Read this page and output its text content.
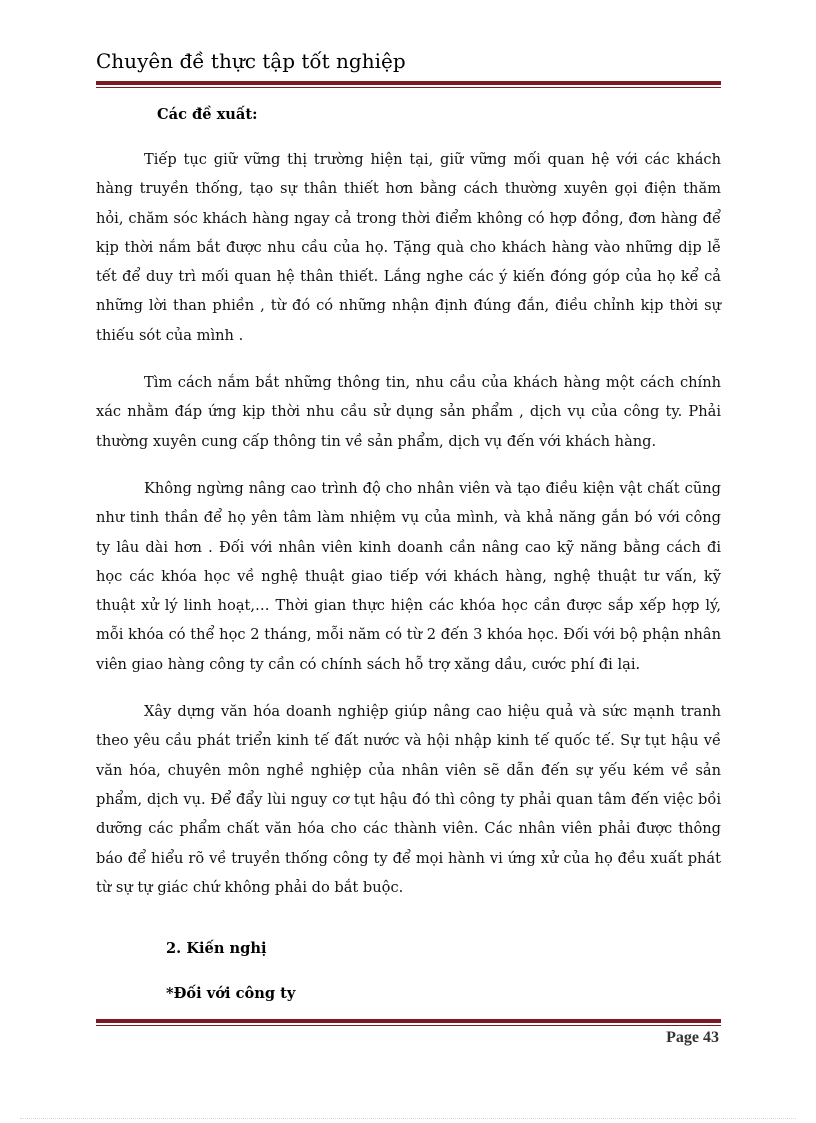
Chuyên đề thực tập tốt nghiệp
Các đề xuất:

Tiếp tục giữ vững thị trường hiện tại, giữ vững mối quan hệ với các khách hàng truyền thống, tạo sự thân thiết hơn bằng cách thường xuyên gọi điện thăm hỏi, chăm sóc khách hàng ngay cả trong thời điểm không có hợp đồng, đơn hàng để kịp thời nắm bắt được nhu cầu của họ. Tặng quà cho khách hàng vào những dịp lễ tết để duy trì mối quan hệ thân thiết. Lắng nghe các ý kiến đóng góp của họ kể cả những lời than phiền , từ đó có những nhận định đúng đắn, điều chỉnh kịp thời sự thiếu sót của mình .

Tìm cách nắm bắt những thông tin, nhu cầu của khách hàng một cách chính xác nhằm đáp ứng kịp thời nhu cầu sử dụng sản phẩm , dịch vụ của công ty. Phải thường xuyên cung cấp thông tin về sản phẩm, dịch vụ đến với khách hàng.

Không ngừng nâng cao trình độ cho nhân viên và tạo điều kiện vật chất cũng như tinh thần để họ yên tâm làm nhiệm vụ của mình, và khả năng gắn bó với công ty lâu dài hơn . Đối với nhân viên kinh doanh cần nâng cao kỹ năng bằng cách đi học các khóa học về nghệ thuật giao tiếp với khách hàng, nghệ thuật tư vấn, kỹ thuật xử lý linh hoạt,… Thời gian thực hiện các khóa học cần được sắp xếp hợp lý, mỗi khóa có thể học 2 tháng, mỗi năm có từ 2 đến 3 khóa học. Đối với bộ phận nhân viên giao hàng công ty cần có chính sách hỗ trợ xăng dầu, cước phí đi lại.

Xây dựng văn hóa doanh nghiệp giúp nâng cao hiệu quả và sức mạnh tranh theo yêu cầu phát triển kinh tế đất nước và hội nhập kinh tế quốc tế. Sự tụt hậu về văn hóa, chuyên môn nghề nghiệp của nhân viên sẽ dẫn đến sự yếu kém về sản phẩm, dịch vụ. Để đẩy lùi nguy cơ tụt hậu đó thì công ty phải quan tâm đến việc bồi dưỡng các phẩm chất văn hóa cho các thành viên. Các nhân viên phải được thông báo để hiểu rõ về truyền thống công ty để mọi hành vi ứng xử của họ đều xuất phát từ sự tự giác chứ không phải do bắt buộc.

2. Kiến nghị
*Đối với công ty
Page 43
